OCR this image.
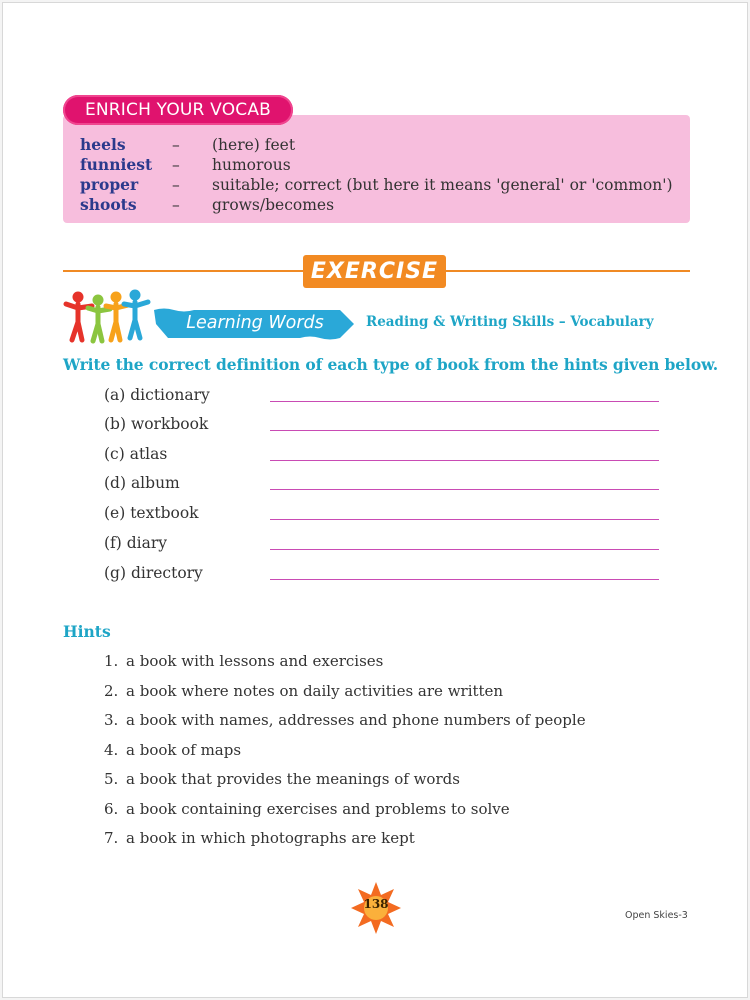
ENRICH YOUR VOCAB
heels	– (here) feet
funniest	– humorous
proper	– suitable; correct (but here it means 'general' or 'common')
shoots	– grows/becomes
EXERCISE
Learning Words	Reading & Writing Skills – Vocabulary
Write the correct definition of each type of book from the hints given below.
(a) dictionary
(b) workbook
(c) atlas
(d) album
(e) textbook
(f) diary
(g) directory
Hints
1. a book with lessons and exercises
2. a book where notes on daily activities are written
3. a book with names, addresses and phone numbers of people
4. a book of maps
5. a book that provides the meanings of words
6. a book containing exercises and problems to solve
7. a book in which photographs are kept
138
Open Skies-3
